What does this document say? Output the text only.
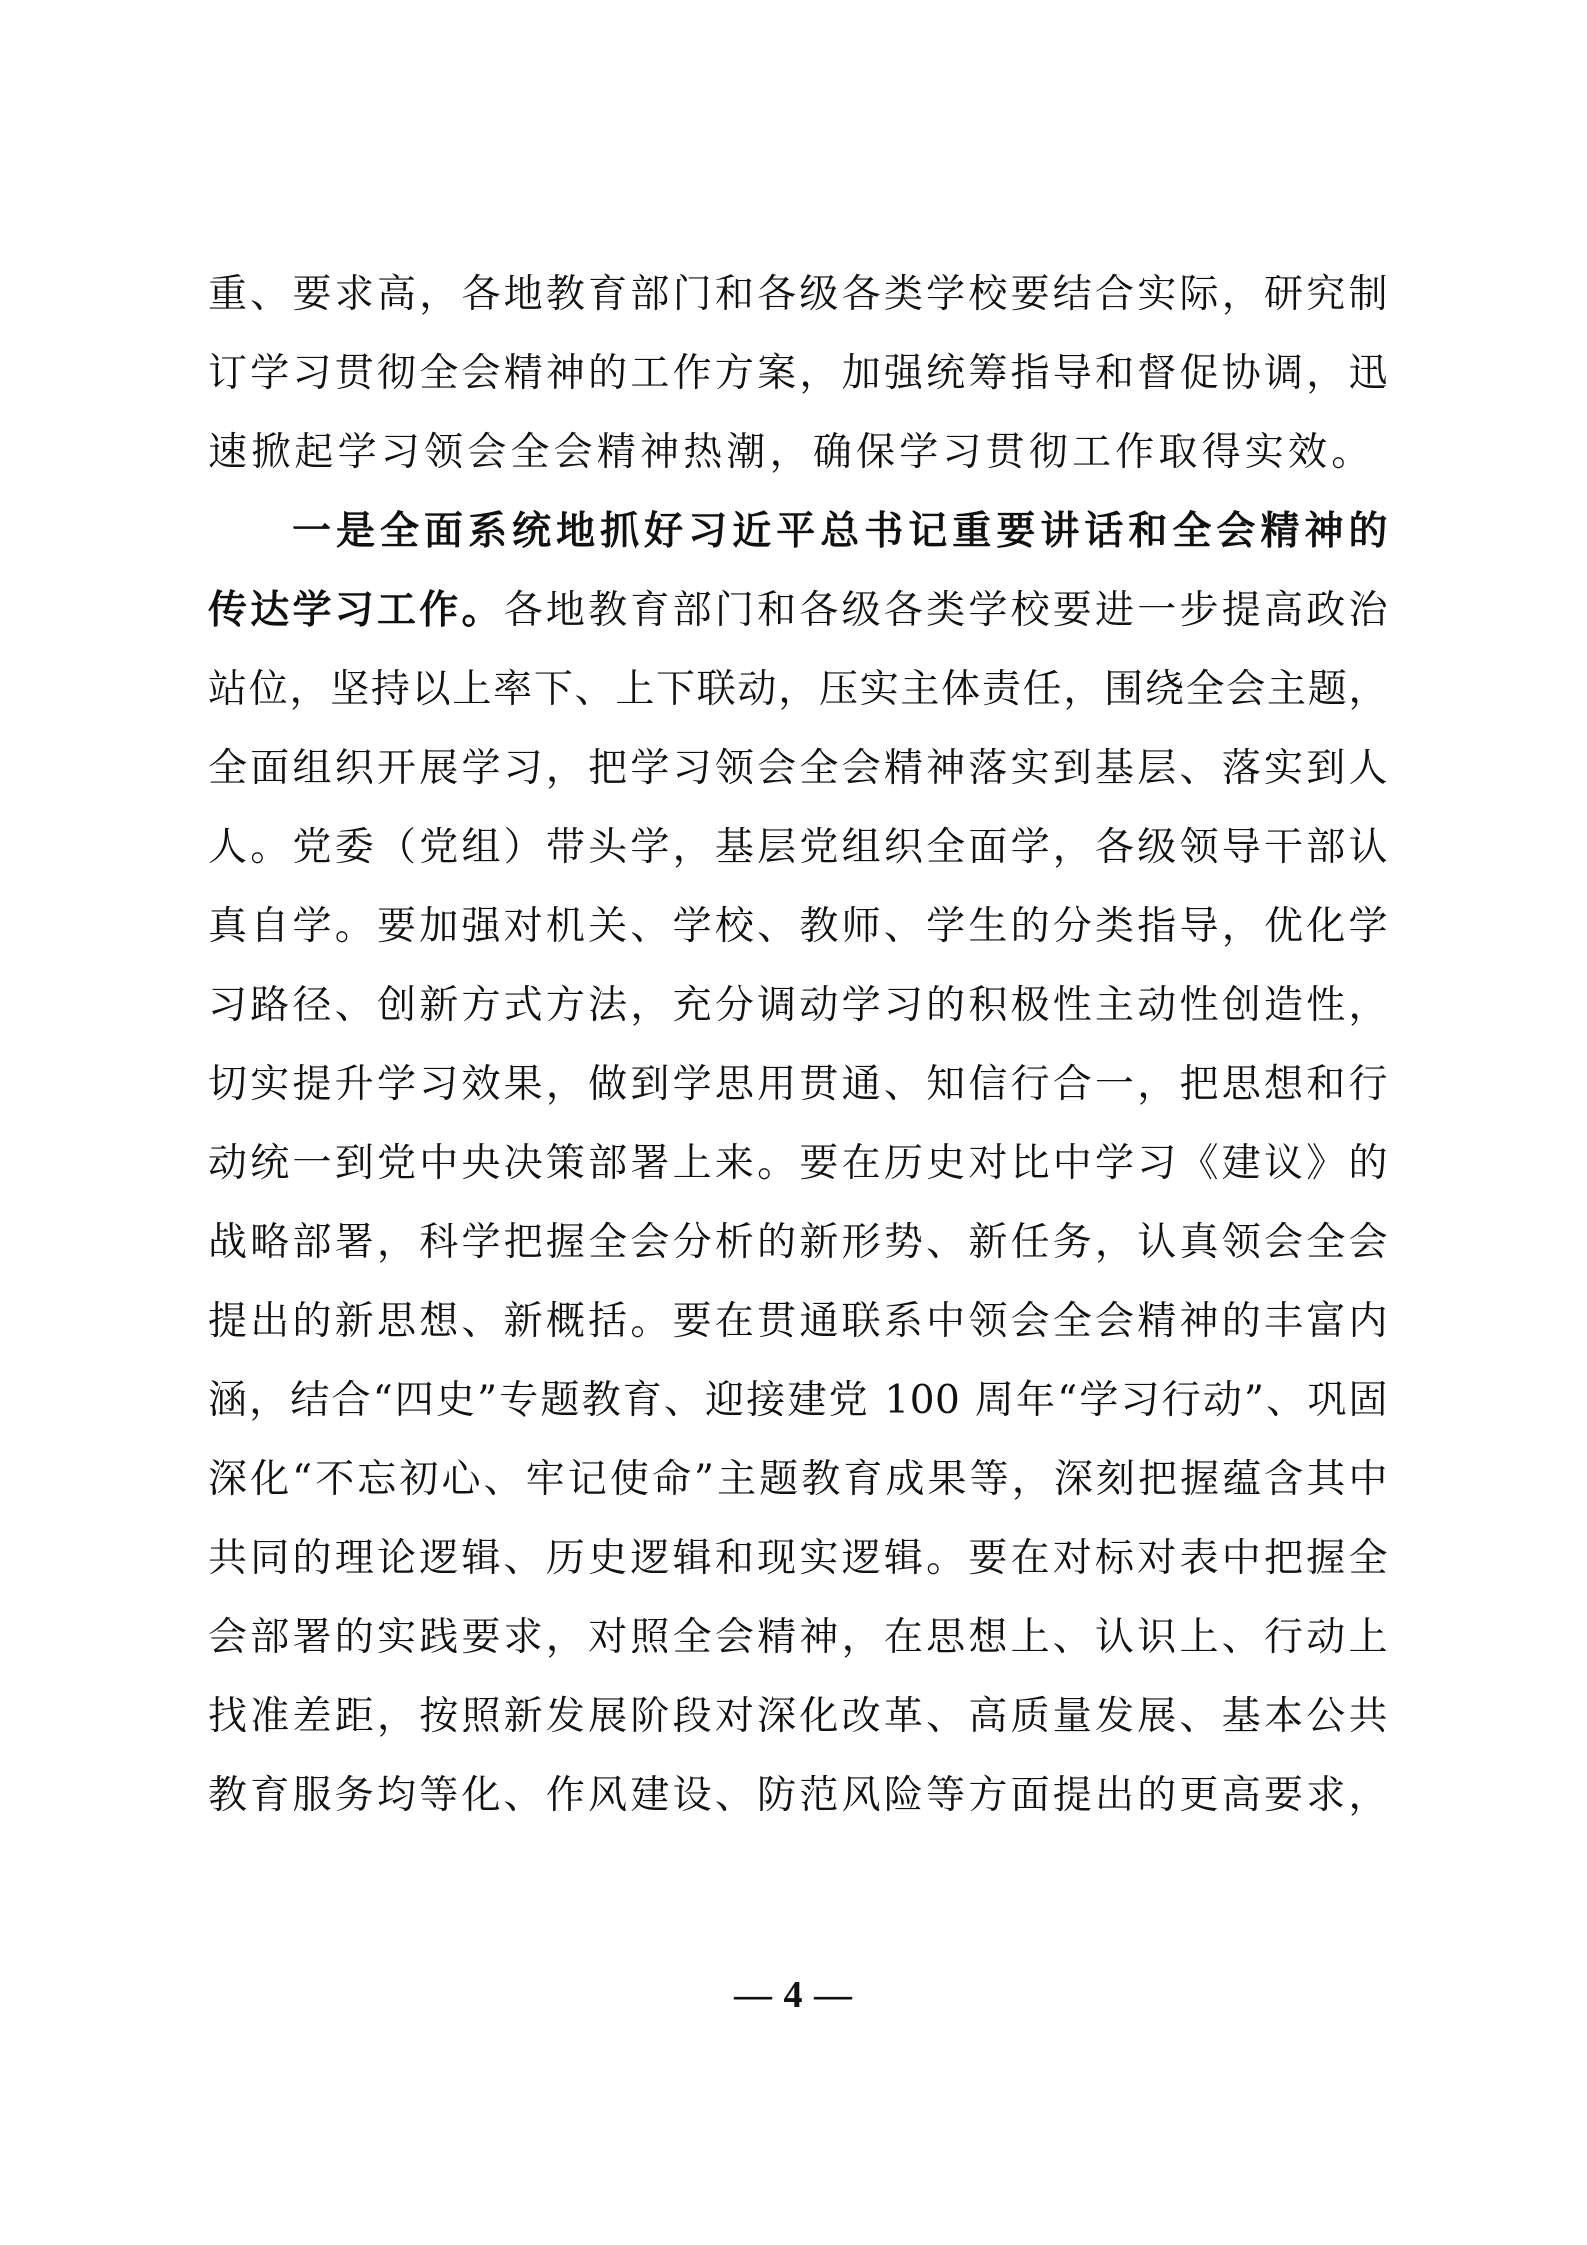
重、要求高，各地教育部门和各级各类学校要结合实际，研究制
订学习贯彻全会精神的工作方案，加强统筹指导和督促协调，迅
速掀起学习领会全会精神热潮，确保学习贯彻工作取得实效。
一是全面系统地抓好习近平总书记重要讲话和全会精神的
传达学习工作。各地教育部门和各级各类学校要进一步提高政治
站位，坚持以上率下、上下联动，压实主体责任，围绕全会主题，
全面组织开展学习，把学习领会全会精神落实到基层、落实到人
人。党委（党组）带头学，基层党组织全面学，各级领导干部认
真自学。要加强对机关、学校、教师、学生的分类指导，优化学
习路径、创新方式方法，充分调动学习的积极性主动性创造性，
切实提升学习效果，做到学思用贯通、知信行合一，把思想和行
动统一到党中央决策部署上来。要在历史对比中学习《建议》的
战略部署，科学把握全会分析的新形势、新任务，认真领会全会
提出的新思想、新概括。要在贯通联系中领会全会精神的丰富内
涵，结合“四史”专题教育、迎接建党 100 周年“学习行动”、巩固
深化“不忘初心、牢记使命”主题教育成果等，深刻把握蕴含其中
共同的理论逻辑、历史逻辑和现实逻辑。要在对标对表中把握全
会部署的实践要求，对照全会精神，在思想上、认识上、行动上
找准差距，按照新发展阶段对深化改革、高质量发展、基本公共
教育服务均等化、作风建设、防范风险等方面提出的更高要求，
— 4 —
